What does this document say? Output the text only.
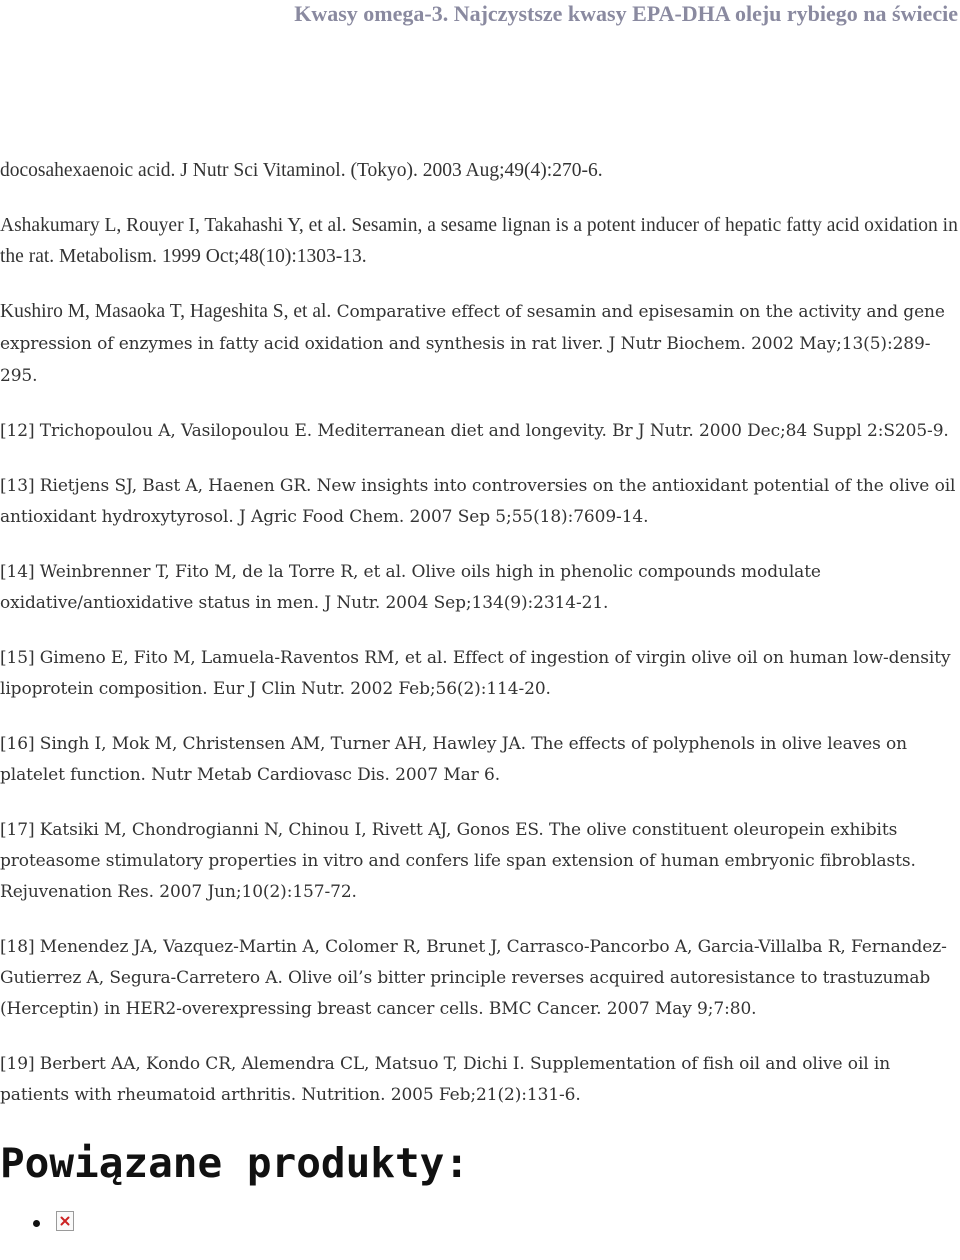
Kwasy omega-3. Najczystsze kwasy EPA-DHA oleju rybiego na świecie

docosahexaenoic acid. J Nutr Sci Vitaminol. (Tokyo). 2003 Aug;49(4):270-6.

Ashakumary L, Rouyer I, Takahashi Y, et al. Sesamin, a sesame lignan is a potent inducer of hepatic fatty acid oxidation in the rat. Metabolism. 1999 Oct;48(10):1303-13.

Kushiro M, Masaoka T, Hageshita S, et al. Comparative effect of sesamin and episesamin on the activity and gene expression of enzymes in fatty acid oxidation and synthesis in rat liver. J Nutr Biochem. 2002 May;13(5):289-295.

[12] Trichopoulou A, Vasilopoulou E. Mediterranean diet and longevity. Br J Nutr. 2000 Dec;84 Suppl 2:S205-9.

[13] Rietjens SJ, Bast A, Haenen GR. New insights into controversies on the antioxidant potential of the olive oil antioxidant hydroxytyrosol. J Agric Food Chem. 2007 Sep 5;55(18):7609-14.

[14] Weinbrenner T, Fito M, de la Torre R, et al. Olive oils high in phenolic compounds modulate oxidative/antioxidative status in men. J Nutr. 2004 Sep;134(9):2314-21.

[15] Gimeno E, Fito M, Lamuela-Raventos RM, et al. Effect of ingestion of virgin olive oil on human low-density lipoprotein composition. Eur J Clin Nutr. 2002 Feb;56(2):114-20.

[16] Singh I, Mok M, Christensen AM, Turner AH, Hawley JA. The effects of polyphenols in olive leaves on platelet function. Nutr Metab Cardiovasc Dis. 2007 Mar 6.

[17] Katsiki M, Chondrogianni N, Chinou I, Rivett AJ, Gonos ES. The olive constituent oleuropein exhibits proteasome stimulatory properties in vitro and confers life span extension of human embryonic fibroblasts. Rejuvenation Res. 2007 Jun;10(2):157-72.

[18] Menendez JA, Vazquez-Martin A, Colomer R, Brunet J, Carrasco-Pancorbo A, Garcia-Villalba R, Fernandez-Gutierrez A, Segura-Carretero A. Olive oil’s bitter principle reverses acquired autoresistance to trastuzumab (Herceptin) in HER2-overexpressing breast cancer cells. BMC Cancer. 2007 May 9;7:80.

[19] Berbert AA, Kondo CR, Alemendra CL, Matsuo T, Dichi I. Supplementation of fish oil and olive oil in patients with rheumatoid arthritis. Nutrition. 2005 Feb;21(2):131-6.

Powiązane produkty:
